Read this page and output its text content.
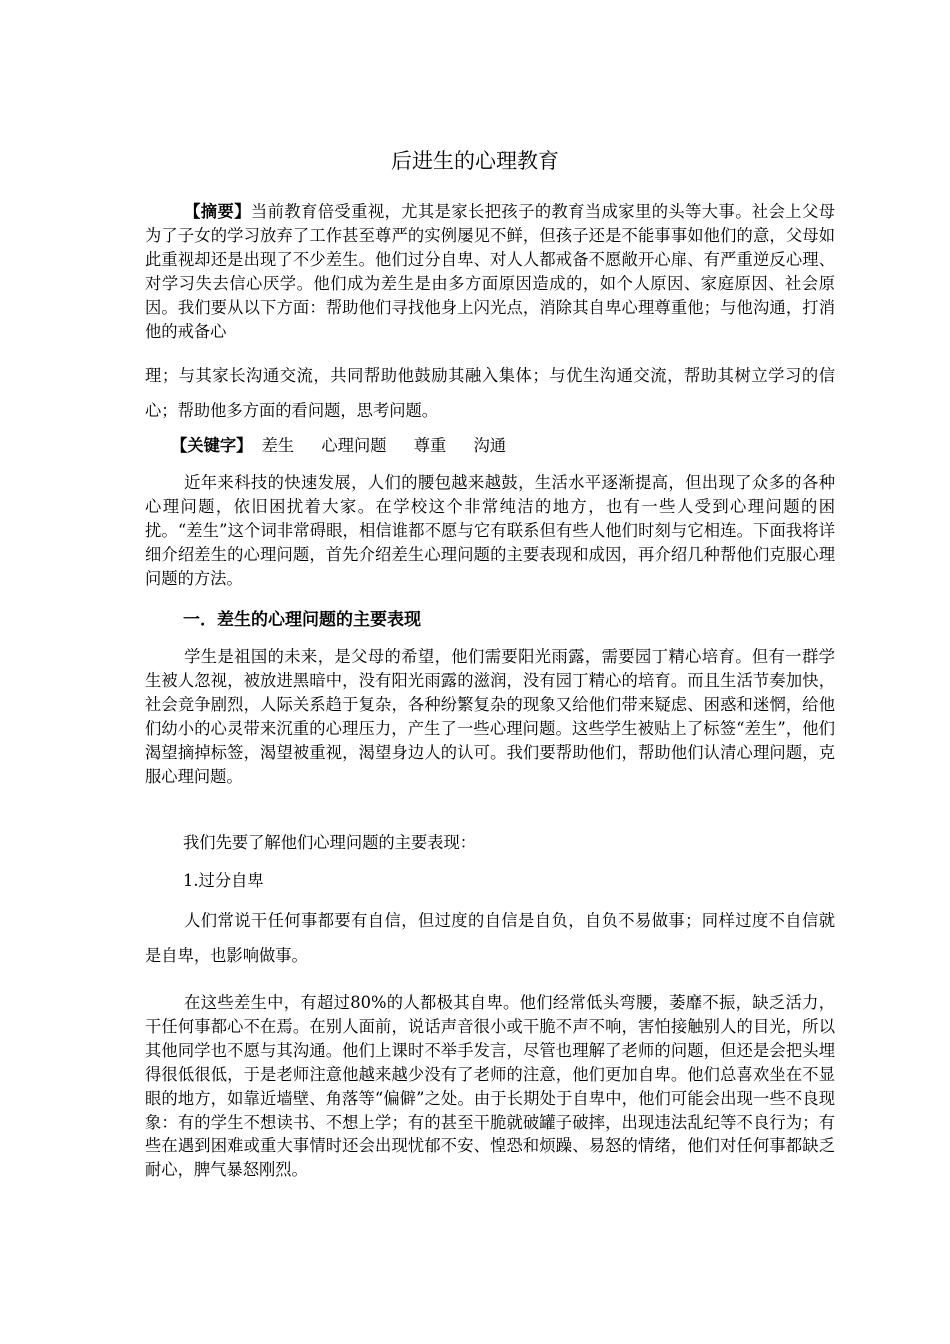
后进生的心理教育

【摘要】当前教育倍受重视，尤其是家长把孩子的教育当成家里的头等大事。社会上父母为了子女的学习放弃了工作甚至尊严的实例屡见不鲜，但孩子还是不能事事如他们的意，父母如此重视却还是出现了不少差生。他们过分自卑、对人人都戒备不愿敞开心扉、有严重逆反心理、对学习失去信心厌学。他们成为差生是由多方面原因造成的，如个人原因、家庭原因、社会原因。我们要从以下方面：帮助他们寻找他身上闪光点，消除其自卑心理尊重他；与他沟通，打消他的戒备心

理；与其家长沟通交流，共同帮助他鼓励其融入集体；与优生沟通交流，帮助其树立学习的信心；帮助他多方面的看问题，思考问题。

【关键字】 差生 心理问题 尊重 沟通

近年来科技的快速发展，人们的腰包越来越鼓，生活水平逐渐提高，但出现了众多的各种心理问题，依旧困扰着大家。在学校这个非常纯洁的地方，也有一些人受到心理问题的困扰。“差生”这个词非常碍眼，相信谁都不愿与它有联系但有些人他们时刻与它相连。下面我将详细介绍差生的心理问题，首先介绍差生心理问题的主要表现和成因，再介绍几种帮他们克服心理问题的方法。

一．差生的心理问题的主要表现

学生是祖国的未来，是父母的希望，他们需要阳光雨露，需要园丁精心培育。但有一群学生被人忽视，被放进黑暗中，没有阳光雨露的滋润，没有园丁精心的培育。而且生活节奏加快，社会竞争剧烈，人际关系趋于复杂，各种纷繁复杂的现象又给他们带来疑虑、困惑和迷惘，给他们幼小的心灵带来沉重的心理压力，产生了一些心理问题。这些学生被贴上了标签“差生”，他们渴望摘掉标签，渴望被重视，渴望身边人的认可。我们要帮助他们，帮助他们认清心理问题，克服心理问题。

我们先要了解他们心理问题的主要表现：

1.过分自卑

人们常说干任何事都要有自信，但过度的自信是自负，自负不易做事；同样过度不自信就是自卑，也影响做事。

在这些差生中，有超过80%的人都极其自卑。他们经常低头弯腰，萎靡不振，缺乏活力，干任何事都心不在焉。在别人面前，说话声音很小或干脆不声不响，害怕接触别人的目光，所以其他同学也不愿与其沟通。他们上课时不举手发言，尽管也理解了老师的问题，但还是会把头埋得很低很低，于是老师注意他越来越少没有了老师的注意，他们更加自卑。他们总喜欢坐在不显眼的地方，如靠近墙壁、角落等“偏僻”之处。由于长期处于自卑中，他们可能会出现一些不良现象：有的学生不想读书、不想上学；有的甚至干脆就破罐子破摔，出现违法乱纪等不良行为；有些在遇到困难或重大事情时还会出现忧郁不安、惶恐和烦躁、易怒的情绪，他们对任何事都缺乏耐心，脾气暴怒刚烈。
